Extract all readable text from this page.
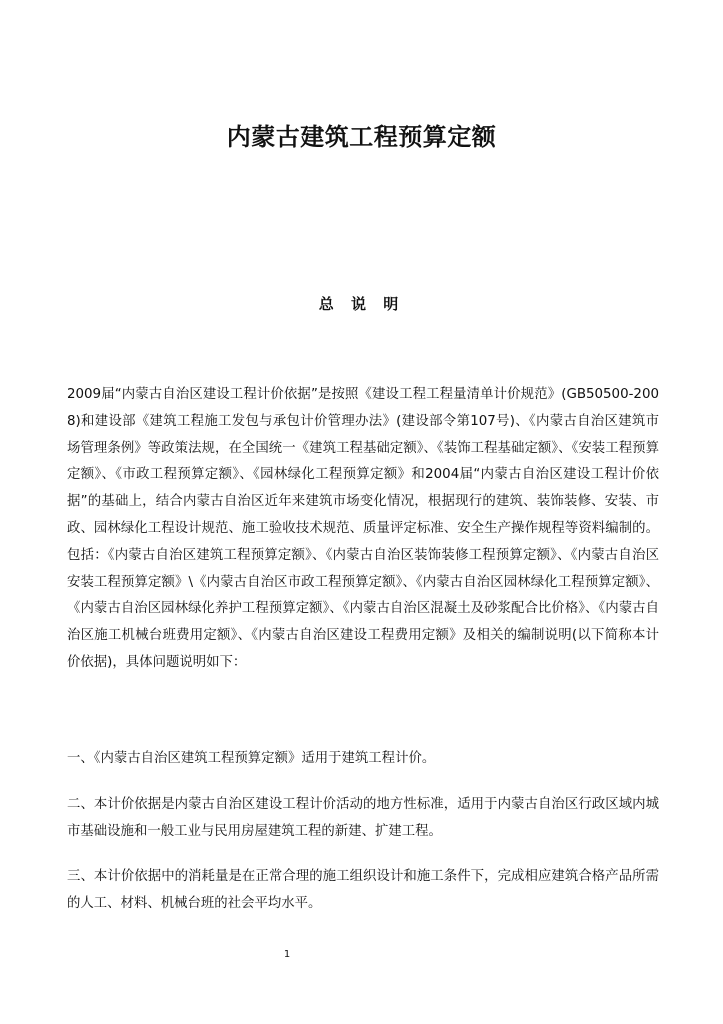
内蒙古建筑工程预算定额
总 说 明
2009届“内蒙古自治区建设工程计价依据”是按照《建设工程工程量清单计价规范》(GB50500-2008)和建设部《建筑工程施工发包与承包计价管理办法》(建设部令第107号)、《内蒙古自治区建筑市场管理条例》等政策法规，在全国统一《建筑工程基础定额》、《装饰工程基础定额》、《安装工程预算定额》、《市政工程预算定额》、《园林绿化工程预算定额》和2004届“内蒙古自治区建设工程计价依据”的基础上，结合内蒙古自治区近年来建筑市场变化情况，根据现行的建筑、装饰装修、安装、市政、园林绿化工程设计规范、施工验收技术规范、质量评定标准、安全生产操作规程等资料编制的。包括：《内蒙古自治区建筑工程预算定额》、《内蒙古自治区装饰装修工程预算定额》、《内蒙古自治区安装工程预算定额》\《内蒙古自治区市政工程预算定额》、《内蒙古自治区园林绿化工程预算定额》、《内蒙古自治区园林绿化养护工程预算定额》、《内蒙古自治区混凝土及砂浆配合比价格》、《内蒙古自治区施工机械台班费用定额》、《内蒙古自治区建设工程费用定额》及相关的编制说明(以下简称本计价依据)，具体问题说明如下：
一、《内蒙古自治区建筑工程预算定额》适用于建筑工程计价。
二、本计价依据是内蒙古自治区建设工程计价活动的地方性标准，适用于内蒙古自治区行政区域内城市基础设施和一般工业与民用房屋建筑工程的新建、扩建工程。
三、本计价依据中的消耗量是在正常合理的施工组织设计和施工条件下，完成相应建筑合格产品所需的人工、材料、机械台班的社会平均水平。
1
